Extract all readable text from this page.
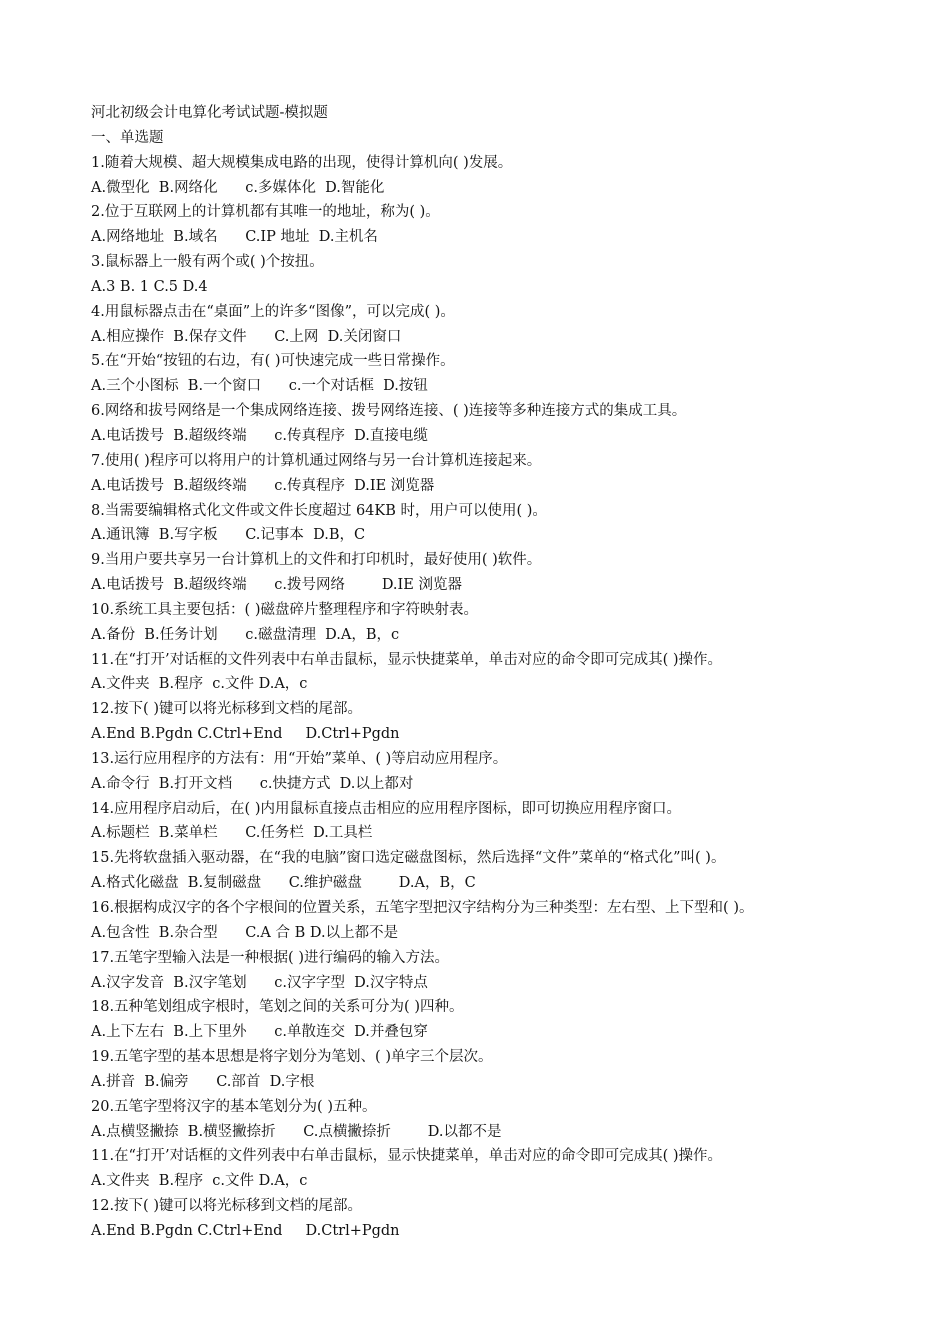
河北初级会计电算化考试试题-模拟题
一、单选题
1.随着大规模、超大规模集成电路的出现，使得计算机向( )发展。
A.微型化  B.网络化      c.多媒体化  D.智能化
2.位于互联网上的计算机都有其唯一的地址，称为( )。
A.网络地址  B.域名      C.IP 地址  D.主机名
3.鼠标器上一般有两个或( )个按扭。
A.3 B. 1 C.5 D.4
4.用鼠标器点击在“桌面”上的许多“图像”，可以完成( )。
A.相应操作  B.保存文件      C.上网  D.关闭窗口
5.在“开始“按钮的右边，有( )可快速完成一些日常操作。
A.三个小图标  B.一个窗口      c.一个对话框  D.按钮
6.网络和拔号网络是一个集成网络连接、拨号网络连接、( )连接等多种连接方式的集成工具。
A.电话拨号  B.超级终端      c.传真程序  D.直接电缆
7.使用( )程序可以将用户的计算机通过网络与另一台计算机连接起来。
A.电话拨号  B.超级终端      c.传真程序  D.IE 浏览器
8.当需要编辑格式化文件或文件长度超过 64KB 时，用户可以使用( )。
A.通讯簿  B.写字板      C.记事本  D.B，C
9.当用户要共享另一台计算机上的文件和打印机时，最好使用( )软件。
A.电话拨号  B.超级终端      c.拨号网络        D.IE 浏览器
10.系统工具主要包括：( )磁盘碎片整理程序和字符映射表。
A.备份  B.任务计划      c.磁盘清理  D.A，B，c
11.在“打开’对话框的文件列表中右单击鼠标，显示快捷菜单，单击对应的命令即可完成其( )操作。
A.文件夹  B.程序  c.文件 D.A，c
12.按下( )键可以将光标移到文档的尾部。
A.End B.Pgdn C.Ctrl+End     D.Ctrl+Pgdn
13.运行应用程序的方法有：用“开始”菜单、( )等启动应用程序。
A.命令行  B.打开文档      c.快捷方式  D.以上都对
14.应用程序启动后，在( )内用鼠标直接点击相应的应用程序图标，即可切换应用程序窗口。
A.标题栏  B.菜单栏      C.任务栏  D.工具栏
15.先将软盘插入驱动器，在“我的电脑”窗口选定磁盘图标，然后选择“文件”菜单的“格式化”叫( )。
A.格式化磁盘  B.复制磁盘      C.维护磁盘        D.A，B，C
16.根据构成汉字的各个字根间的位置关系，五笔字型把汉字结构分为三种类型：左右型、上下型和( )。
A.包含性  B.杂合型      C.A 合 B D.以上都不是
17.五笔字型输入法是一种根据( )进行编码的输入方法。
A.汉字发音  B.汉字笔划      c.汉字字型  D.汉字特点
18.五种笔划组成字根时，笔划之间的关系可分为( )四种。
A.上下左右  B.上下里外      c.单散连交  D.并叠包穿
19.五笔字型的基本思想是将字划分为笔划、( )单字三个层次。
A.拼音  B.偏旁      C.部首  D.字根
20.五笔字型将汉字的基本笔划分为( )五种。
A.点横竖撇捺  B.横竖撇捺折      C.点横撇捺折        D.以都不是
11.在“打开’对话框的文件列表中右单击鼠标，显示快捷菜单，单击对应的命令即可完成其( )操作。
A.文件夹  B.程序  c.文件 D.A，c
12.按下( )键可以将光标移到文档的尾部。
A.End B.Pgdn C.Ctrl+End     D.Ctrl+Pgdn
